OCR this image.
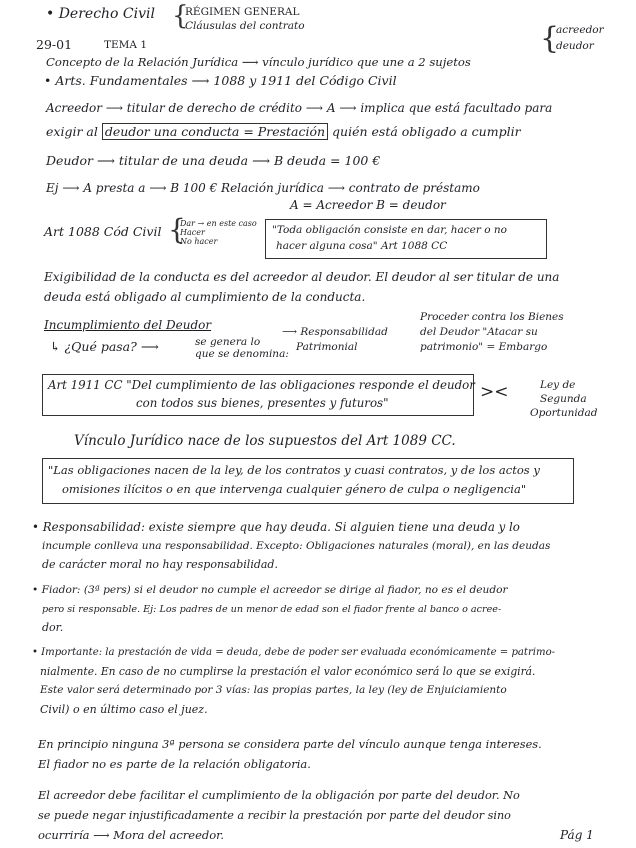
• Derecho Civil {
RÉGIMEN GENERAL
Cláusulas del contrato
29-01	TEMA 1
Concepto de la Relación Jurídica ⟶ vínculo jurídico que une a 2 sujetos
{
acreedor
deudor
• Arts. Fundamentales ⟶ 1088 y 1911 del Código Civil
Acreedor ⟶ titular de derecho de crédito ⟶ A ⟶ implica que está facultado para
exigir al deudor una conducta = Prestación quién está obligado a cumplir
Deudor ⟶ titular de una deuda ⟶ B deuda = 100 €
Ej ⟶ A presta a ⟶ B 100 € Relación jurídica ⟶ contrato de préstamo
A = Acreedor B = deudor
Art 1088 Cód Civil {
Dar → en este caso
Hacer
No hacer
"Toda obligación consiste en dar, hacer o no
hacer alguna cosa" Art 1088 CC
Exigibilidad de la conducta es del acreedor al deudor. El deudor al ser titular de una
deuda está obligado al cumplimiento de la conducta.
Incumplimiento del Deudor
↳ ¿Qué pasa? ⟶	se genera lo
que se denomina:
⟶ Responsabilidad
Patrimonial
Proceder contra los Bienes
del Deudor "Atacar su
patrimonio" = Embargo
Art 1911 CC "Del cumplimiento de las obligaciones responde el deudor
con todos sus bienes, presentes y futuros"
><	Ley de
Segunda
Oportunidad
Vínculo Jurídico nace de los supuestos del Art 1089 CC.
"Las obligaciones nacen de la ley, de los contratos y cuasi contratos, y de los actos y
omisiones ilícitos o en que intervenga cualquier género de culpa o negligencia"
• Responsabilidad: existe siempre que hay deuda. Si alguien tiene una deuda y lo
incumple conlleva una responsabilidad. Excepto: Obligaciones naturales (moral), en las deudas
de carácter moral no hay responsabilidad.
• Fiador: (3ª pers) si el deudor no cumple el acreedor se dirige al fiador, no es el deudor
pero si responsable. Ej: Los padres de un menor de edad son el fiador frente al banco o acree-
dor.
• Importante: la prestación de vida = deuda, debe de poder ser evaluada económicamente = patrimo-
nialmente. En caso de no cumplirse la prestación el valor económico será lo que se exigirá.
Este valor será determinado por 3 vías: las propias partes, la ley (ley de Enjuiciamiento
Civil) o en último caso el juez.
En principio ninguna 3ª persona se considera parte del vínculo aunque tenga intereses.
El fiador no es parte de la relación obligatoria.
El acreedor debe facilitar el cumplimiento de la obligación por parte del deudor. No
se puede negar injustificadamente a recibir la prestación por parte del deudor sino
ocurriría ⟶ Mora del acreedor.	Pág 1
